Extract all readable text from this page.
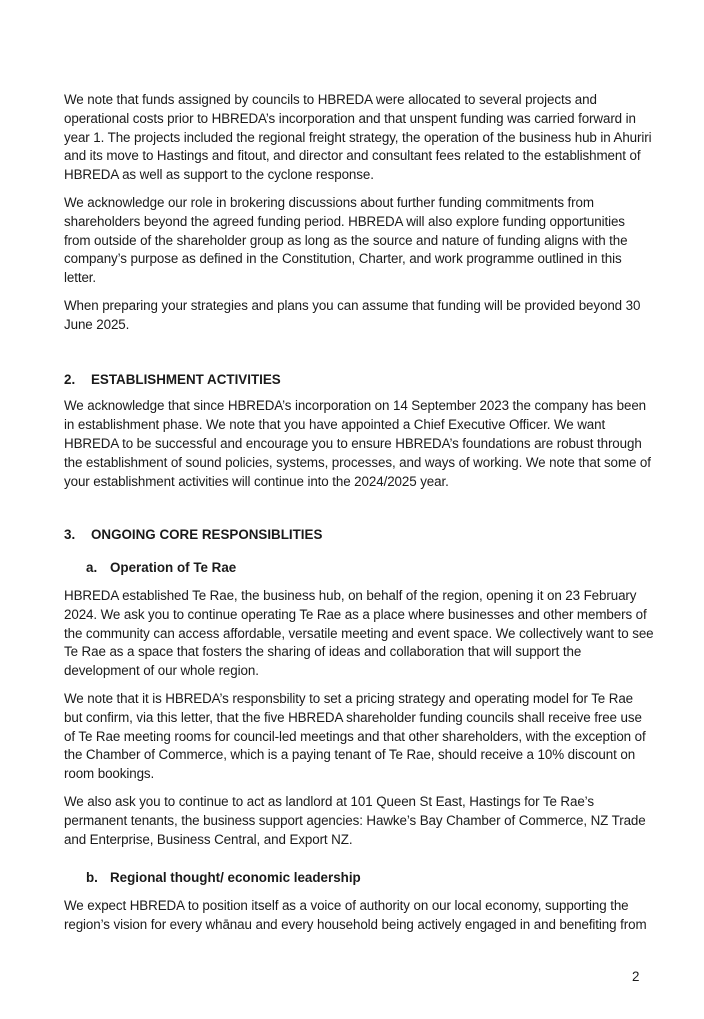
We note that funds assigned by councils to HBREDA were allocated to several projects and operational costs prior to HBREDA’s incorporation and that unspent funding was carried forward in year 1. The projects included the regional freight strategy, the operation of the business hub in Ahuriri and its move to Hastings and fitout, and director and consultant fees related to the establishment of HBREDA as well as support to the cyclone response.

We acknowledge our role in brokering discussions about further funding commitments from shareholders beyond the agreed funding period. HBREDA will also explore funding opportunities from outside of the shareholder group as long as the source and nature of funding aligns with the company’s purpose as defined in the Constitution, Charter, and work programme outlined in this letter.

When preparing your strategies and plans you can assume that funding will be provided beyond 30 June 2025.

2.	ESTABLISHMENT ACTIVITIES

We acknowledge that since HBREDA’s incorporation on 14 September 2023 the company has been in establishment phase. We note that you have appointed a Chief Executive Officer. We want HBREDA to be successful and encourage you to ensure HBREDA’s foundations are robust through the establishment of sound policies, systems, processes, and ways of working. We note that some of your establishment activities will continue into the 2024/2025 year.

3.	ONGOING CORE RESPONSIBLITIES
a. Operation of Te Rae

HBREDA established Te Rae, the business hub, on behalf of the region, opening it on 23 February 2024. We ask you to continue operating Te Rae as a place where businesses and other members of the community can access affordable, versatile meeting and event space. We collectively want to see Te Rae as a space that fosters the sharing of ideas and collaboration that will support the development of our whole region.

We note that it is HBREDA’s responsbility to set a pricing strategy and operating model for Te Rae but confirm, via this letter, that the five HBREDA shareholder funding councils shall receive free use of Te Rae meeting rooms for council-led meetings and that other shareholders, with the exception of the Chamber of Commerce, which is a paying tenant of Te Rae, should receive a 10% discount on room bookings.

We also ask you to continue to act as landlord at 101 Queen St East, Hastings for Te Rae’s permanent tenants, the business support agencies: Hawke’s Bay Chamber of Commerce, NZ Trade and Enterprise, Business Central, and Export NZ.

b. Regional thought/ economic leadership

We expect HBREDA to position itself as a voice of authority on our local economy, supporting the region’s vision for every whānau and every household being actively engaged in and benefiting from

2
